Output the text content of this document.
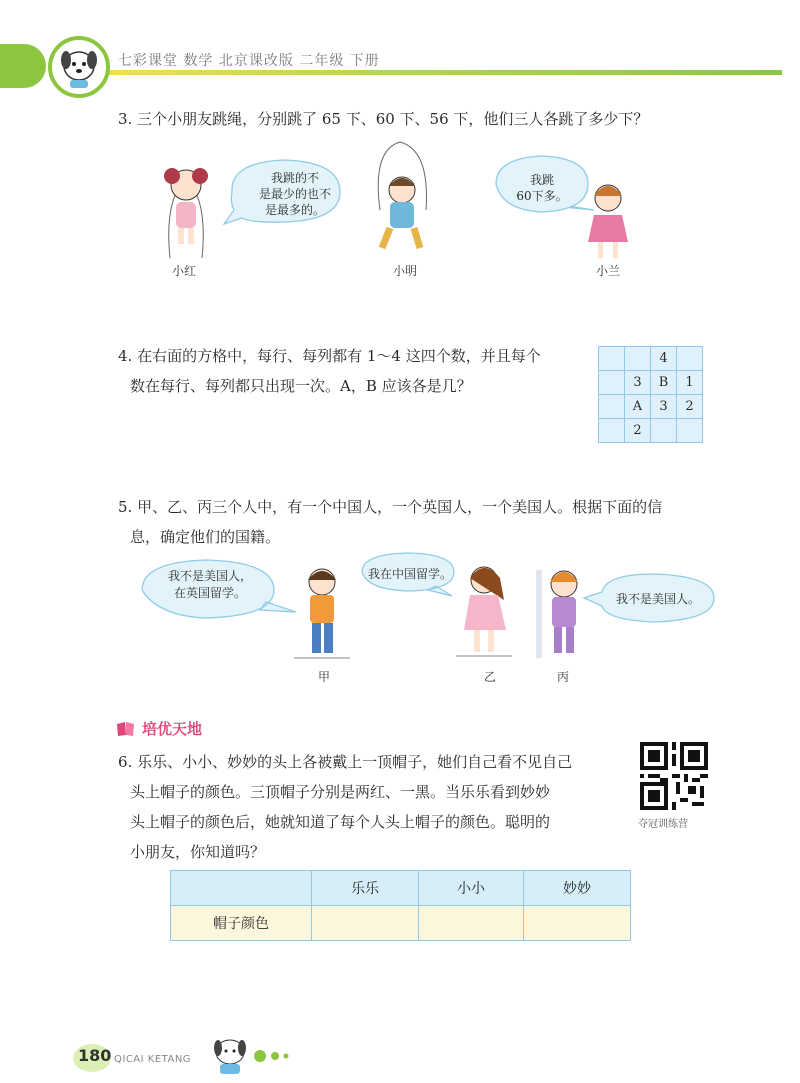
七彩课堂 数学 北京课改版 二年级 下册
3. 三个小朋友跳绳，分别跳了 65 下、60 下、56 下，他们三人各跳了多少下？
我跳的不
是最少的也不
是最多的。
我跳
60下多。
小红	小明	小兰
4. 在右面的方格中，每行、每列都有 1～4 这四个数，并且每个
数在每行、每列都只出现一次。A，B 应该各是几？
		4	
	3	B	1
	A	3	2
	2		
5. 甲、乙、丙三个人中，有一个中国人，一个英国人，一个美国人。根据下面的信
息，确定他们的国籍。
我不是美国人，
在英国留学。
我在中国留学。
我不是美国人。
甲	乙	丙
培优天地
6. 乐乐、小小、妙妙的头上各被戴上一顶帽子，她们自己看不见自己
头上帽子的颜色。三顶帽子分别是两红、一黑。当乐乐看到妙妙
头上帽子的颜色后，她就知道了每个人头上帽子的颜色。聪明的
小朋友，你知道吗？
夺冠训练营
	乐乐	小小	妙妙
帽子颜色			
180 QICAI KETANG
